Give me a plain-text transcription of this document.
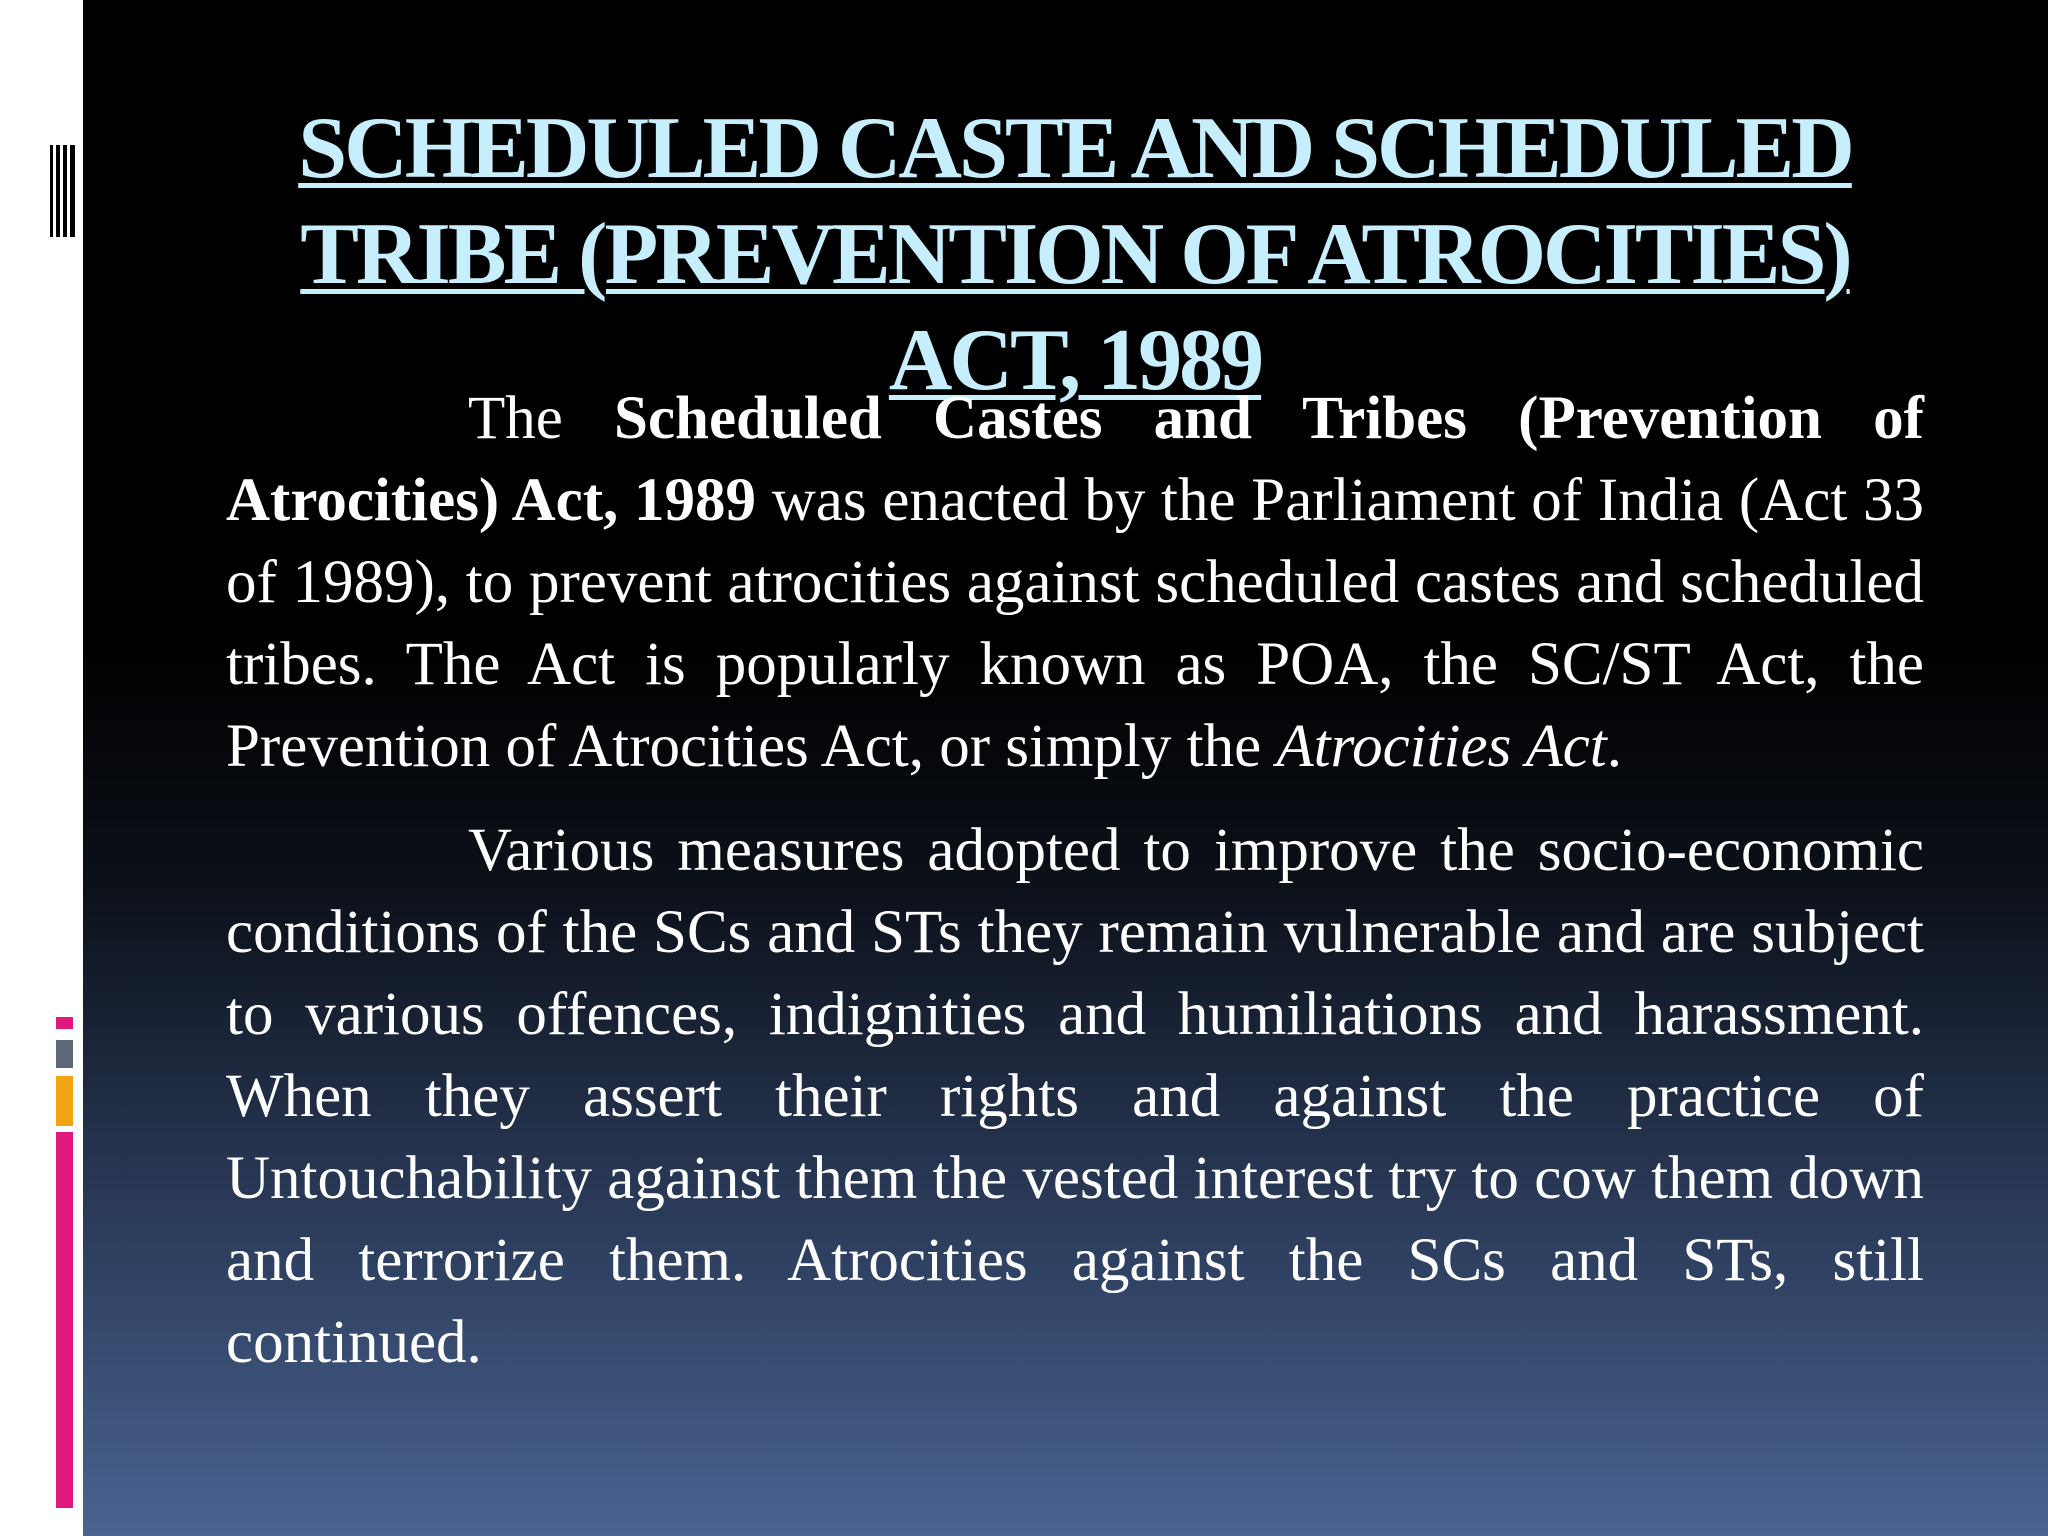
SCHEDULED CASTE AND SCHEDULED TRIBE (PREVENTION OF ATROCITIES) ACT, 1989

The Scheduled Castes and Tribes (Prevention of Atrocities) Act, 1989 was enacted by the Parliament of India (Act 33 of 1989), to prevent atrocities against scheduled castes and scheduled tribes. The Act is popularly known as POA, the SC/ST Act, the Prevention of Atrocities Act, or simply the Atrocities Act.

Various measures adopted to improve the socio-economic conditions of the SCs and STs they remain vulnerable and are subject to various offences, indignities and humiliations and harassment. When they assert their rights and against the practice of Untouchability against them the vested interest try to cow them down and terrorize them. Atrocities against the SCs and STs, still continued.
